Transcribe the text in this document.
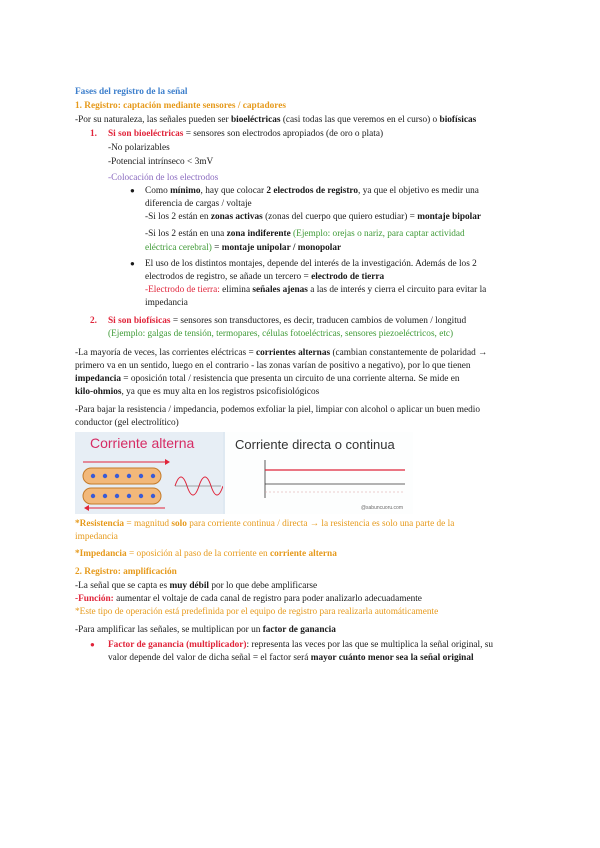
Fases del registro de la señal
1. Registro: captación mediante sensores / captadores
-Por su naturaleza, las señales pueden ser bioeléctricas (casi todas las que veremos en el curso) o biofísicas
1. Si son bioeléctricas = sensores son electrodos apropiados (de oro o plata)
-No polarizables
-Potencial intrínseco < 3mV
-Colocación de los electrodos
● Como mínimo, hay que colocar 2 electrodos de registro, ya que el objetivo es medir una
diferencia de cargas / voltaje
-Si los 2 están en zonas activas (zonas del cuerpo que quiero estudiar) = montaje bipolar
-Si los 2 están en una zona indiferente (Ejemplo: orejas o nariz, para captar actividad
eléctrica cerebral) = montaje unipolar / monopolar
● El uso de los distintos montajes, depende del interés de la investigación. Además de los 2
electrodos de registro, se añade un tercero = electrodo de tierra
-Electrodo de tierra: elimina señales ajenas a las de interés y cierra el circuito para evitar la
impedancia
2. Si son biofísicas = sensores son transductores, es decir, traducen cambios de volumen / longitud
(Ejemplo: galgas de tensión, termopares, células fotoeléctricas, sensores piezoeléctricos, etc)
-La mayoría de veces, las corrientes eléctricas = corrientes alternas (cambian constantemente de polaridad →
primero va en un sentido, luego en el contrario - las zonas varían de positivo a negativo), por lo que tienen
impedancia = oposición total / resistencia que presenta un circuito de una corriente alterna. Se mide en
kilo-ohmios, ya que es muy alta en los registros psicofisiológicos
-Para bajar la resistencia / impedancia, podemos exfoliar la piel, limpiar con alcohol o aplicar un buen medio
conductor (gel electrolítico)
Corriente alterna	Corriente directa o continua
@sabuncuoru.com
*Resistencia = magnitud solo para corriente continua / directa → la resistencia es solo una parte de la
impedancia
*Impedancia = oposición al paso de la corriente en corriente alterna
2. Registro: amplificación
-La señal que se capta es muy débil por lo que debe amplificarse
-Función: aumentar el voltaje de cada canal de registro para poder analizarlo adecuadamente
*Este tipo de operación está predefinida por el equipo de registro para realizarla automáticamente
-Para amplificar las señales, se multiplican por un factor de ganancia
● Factor de ganancia (multiplicador): representa las veces por las que se multiplica la señal original, su
valor depende del valor de dicha señal = el factor será mayor cuánto menor sea la señal original
